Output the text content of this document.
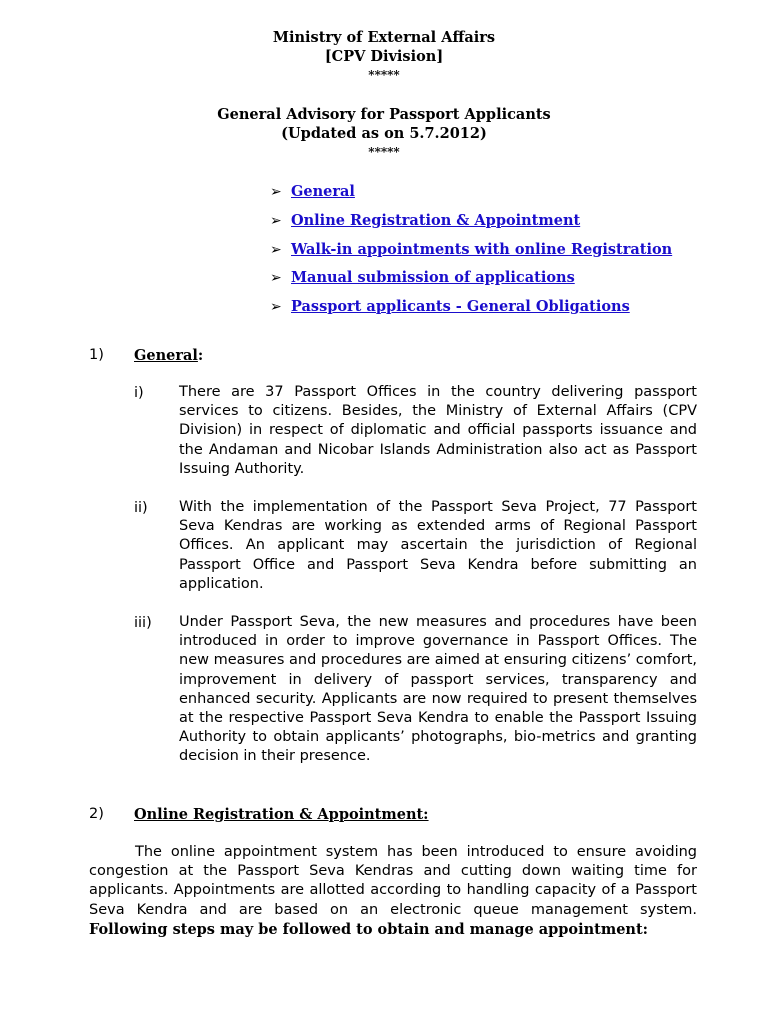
Ministry of External Affairs
[CPV Division]
*****
General Advisory for Passport Applicants
(Updated as on 5.7.2012)
*****
➢ General
➢ Online Registration & Appointment
➢ Walk-in appointments with online Registration
➢ Manual submission of applications
➢ Passport applicants - General Obligations
1) General:
i) There are 37 Passport Offices in the country delivering passport services to citizens. Besides, the Ministry of External Affairs (CPV Division) in respect of diplomatic and official passports issuance and the Andaman and Nicobar Islands Administration also act as Passport Issuing Authority.

ii) With the implementation of the Passport Seva Project, 77 Passport Seva Kendras are working as extended arms of Regional Passport Offices. An applicant may ascertain the jurisdiction of Regional Passport Office and Passport Seva Kendra before submitting an application.

iii) Under Passport Seva, the new measures and procedures have been introduced in order to improve governance in Passport Offices. The new measures and procedures are aimed at ensuring citizens’ comfort, improvement in delivery of passport services, transparency and enhanced security. Applicants are now required to present themselves at the respective Passport Seva Kendra to enable the Passport Issuing Authority to obtain applicants’ photographs, bio-metrics and granting decision in their presence.

2) Online Registration & Appointment:

The online appointment system has been introduced to ensure avoiding congestion at the Passport Seva Kendras and cutting down waiting time for applicants. Appointments are allotted according to handling capacity of a Passport Seva Kendra and are based on an electronic queue management system. Following steps may be followed to obtain and manage appointment:
